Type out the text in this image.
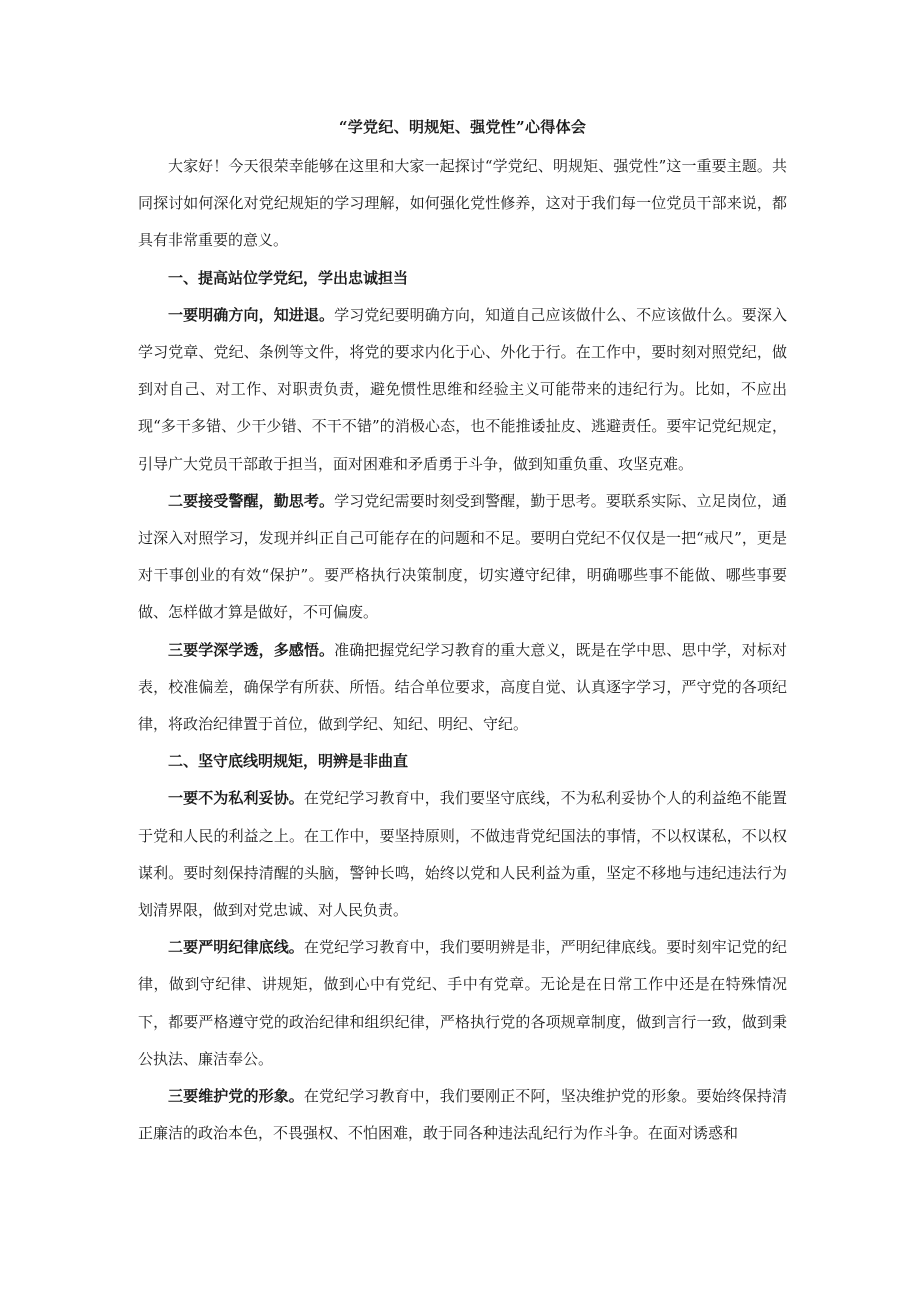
“学党纪、明规矩、强党性”心得体会

大家好！今天很荣幸能够在这里和大家一起探讨“学党纪、明规矩、强党性”这一重要主题。共同探讨如何深化对党纪规矩的学习理解，如何强化党性修养，这对于我们每一位党员干部来说，都具有非常重要的意义。

一、提高站位学党纪，学出忠诚担当

一要明确方向，知进退。学习党纪要明确方向，知道自己应该做什么、不应该做什么。要深入学习党章、党纪、条例等文件，将党的要求内化于心、外化于行。在工作中，要时刻对照党纪，做到对自己、对工作、对职责负责，避免惯性思维和经验主义可能带来的违纪行为。比如，不应出现“多干多错、少干少错、不干不错”的消极心态，也不能推诿扯皮、逃避责任。要牢记党纪规定，引导广大党员干部敢于担当，面对困难和矛盾勇于斗争，做到知重负重、攻坚克难。

二要接受警醒，勤思考。学习党纪需要时刻受到警醒，勤于思考。要联系实际、立足岗位，通过深入对照学习，发现并纠正自己可能存在的问题和不足。要明白党纪不仅仅是一把“戒尺”，更是对干事创业的有效“保护”。要严格执行决策制度，切实遵守纪律，明确哪些事不能做、哪些事要做、怎样做才算是做好，不可偏废。

三要学深学透，多感悟。准确把握党纪学习教育的重大意义，既是在学中思、思中学，对标对表，校准偏差，确保学有所获、所悟。结合单位要求，高度自觉、认真逐字学习，严守党的各项纪律，将政治纪律置于首位，做到学纪、知纪、明纪、守纪。

二、坚守底线明规矩，明辨是非曲直

一要不为私利妥协。在党纪学习教育中，我们要坚守底线，不为私利妥协个人的利益绝不能置于党和人民的利益之上。在工作中，要坚持原则，不做违背党纪国法的事情，不以权谋私，不以权谋利。要时刻保持清醒的头脑，警钟长鸣，始终以党和人民利益为重，坚定不移地与违纪违法行为划清界限，做到对党忠诚、对人民负责。

二要严明纪律底线。在党纪学习教育中，我们要明辨是非，严明纪律底线。要时刻牢记党的纪律，做到守纪律、讲规矩，做到心中有党纪、手中有党章。无论是在日常工作中还是在特殊情况下，都要严格遵守党的政治纪律和组织纪律，严格执行党的各项规章制度，做到言行一致，做到秉公执法、廉洁奉公。

三要维护党的形象。在党纪学习教育中，我们要刚正不阿，坚决维护党的形象。要始终保持清正廉洁的政治本色，不畏强权、不怕困难，敢于同各种违法乱纪行为作斗争。在面对诱惑和
